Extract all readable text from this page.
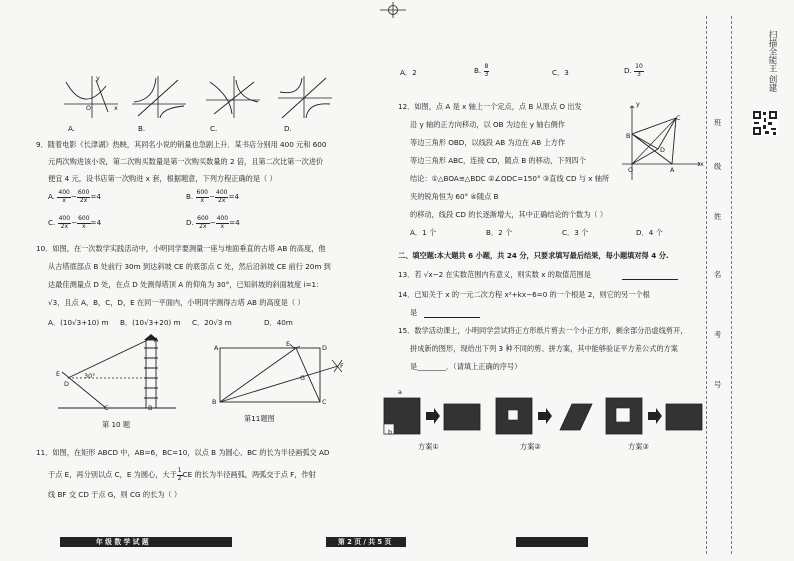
y
x
O
A.	B.	C.	D.
9．随着电影《长津湖》热映，其同名小说的销量也急剧上升．某书店分别用 400 元和 600
元两次购进该小说，第二次购买数量是第一次购买数量的 2 倍，且第二次比第一次进价
便宜 4 元，设书店第一次购进 x 套，根据题意，下列方程正确的是（ ）
A. $\frac{400}{x} - \frac{600}{2x} =4$	B. $\frac{600}{x} - \frac{400}{2x} =4$
C. $\frac{400}{2x} - \frac{600}{x} =4$	D. $\frac{600}{2x} - \frac{400}{x} =4$
10．如图，在一次数学实践活动中，小明同学要测量一座与地面垂直的古塔 AB 的高度，他
从古塔底部点 B 处前行 30m 到达斜坡 CE 的底部点 C 处，然后沿斜坡 CE 前行 20m 到
达最佳测量点 D 处，在点 D 处测得塔顶 A 的仰角为 30°，已知斜坡的斜面坡度 i=1：
√3，且点 A，B，C，D，E 在同一平面内，小明同学测得古塔 AB 的高度是（ ）
A．(10√3+10) m B．(10√3+20) m C．20√3 m	D．40m
A
B
C
D
E	30°
第 10 题
A
B	C
D
E
F
G
第11题图
11．如图，在矩形 ABCD 中，AB=6，BC=10，以点 B 为圆心、BC 的长为半径画弧交 AD
于点 E，再分别以点 C，E 为圆心，大于 $\frac{1}{2}$ CE 的长为半径画弧，两弧交于点 F，作射
线 BF 交 CD 于点 G，则 CG 的长为（ ）
年 级 数 学 试 题	第 2 页 / 共 5 页
A．2	B. $\frac{8}{3}$	C．3	D. $\frac{10}{3}$
12．如图，点 A 是 x 轴上一个定点，点 B 从原点 O 出发
沿 y 轴的正方向移动，以 OB 为边在 y 轴右侧作
等边三角形 OBD，以线段 AB 为边在 AB 上方作
等边三角形 ABC，连接 CD，随点 B 的移动，下列四个
结论：①△BOA≌△BDC ②∠ODC=150° ③直线 CD 与 x 轴所
夹的锐角恒为 60° ④随点 B
的移动，线段 CD 的长逐渐增大，其中正确结论的个数为（ ）
A．1 个	B．2 个	C．3 个	D．4 个
y
x
O	A
B
C
D
二、填空题:本大题共 6 小题，共 24 分，只要求填写最后结果，每小题填对得 4 分.
13．若 √x−2 在实数范围内有意义，则实数 x 的取值范围是
14．已知关于 x 的一元二次方程 x²+kx−6=0 的一个根是 2，则它的另一个根
是
15．数学活动课上，小明同学尝试将正方形纸片剪去一个小正方形，剩余部分沿虚线剪开，
拼成新的图形，现给出下列 3 种不同的剪、拼方案，其中能够验证平方差公式的方案
是________．（请填上正确的序号）
a
b
方案①	方案②	方案③
班
级
姓
名
考
号
扫描全能王 创建
